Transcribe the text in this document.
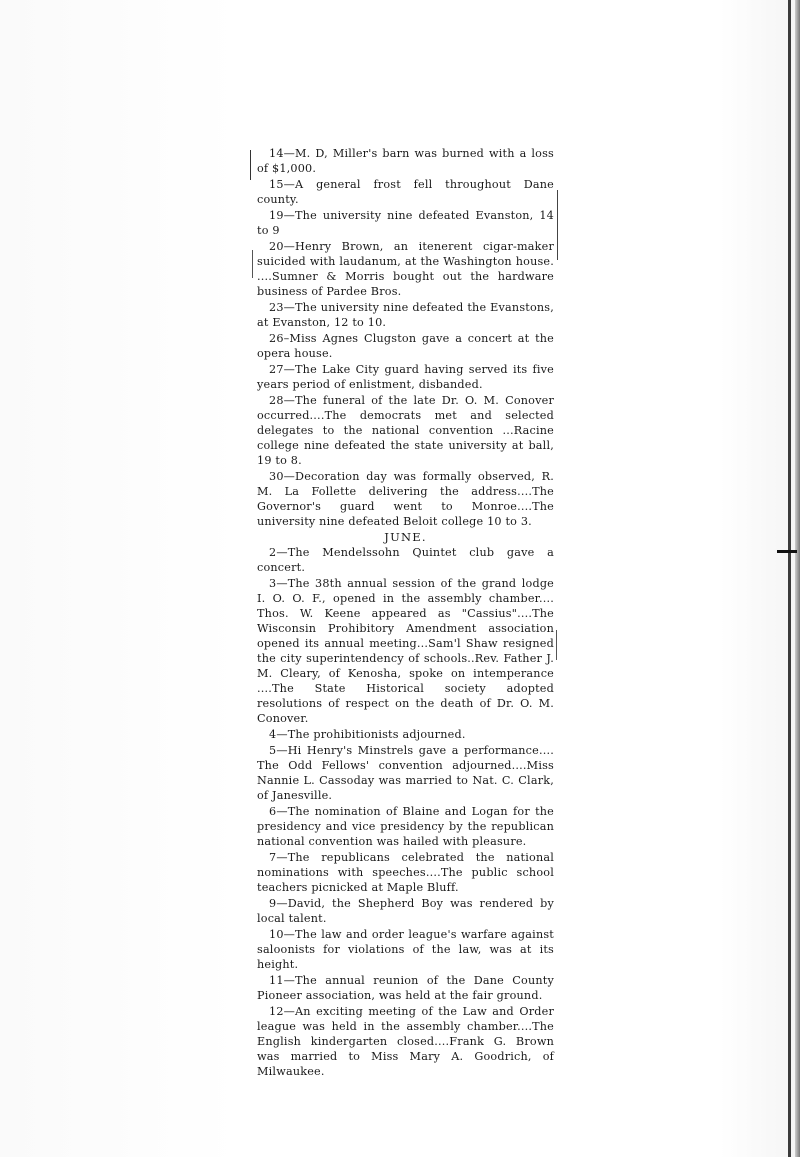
14—M. D, Miller's barn was burned with a loss of $1,000.

15—A general frost fell throughout Dane county.

19—The university nine defeated Evanston, 14 to 9

20—Henry Brown, an itenerent cigar-maker suicided with laudanum, at the Washington house. ....Sumner & Morris bought out the hardware business of Pardee Bros.

23—The university nine defeated the Evanstons, at Evanston, 12 to 10.

26–Miss Agnes Clugston gave a concert at the opera house.

27—The Lake City guard having served its five years period of enlistment, disbanded.

28—The funeral of the late Dr. O. M. Conover occurred....The democrats met and selected delegates to the national convention ...Racine college nine defeated the state university at ball, 19 to 8.

30—Decoration day was formally observed, R. M. La Follette delivering the address....The Governor's guard went to Monroe....The university nine defeated Beloit college 10 to 3.

JUNE.

2—The Mendelssohn Quintet club gave a concert.

3—The 38th annual session of the grand lodge I. O. O. F., opened in the assembly chamber.... Thos. W. Keene appeared as "Cassius"....The Wisconsin Prohibitory Amendment association opened its annual meeting...Sam'l Shaw resigned the city superintendency of schools..Rev. Father J. M. Cleary, of Kenosha, spoke on intemperance ....The State Historical society adopted resolutions of respect on the death of Dr. O. M. Conover.

4—The prohibitionists adjourned.

5—Hi Henry's Minstrels gave a performance.... The Odd Fellows' convention adjourned....Miss Nannie L. Cassoday was married to Nat. C. Clark, of Janesville.

6—The nomination of Blaine and Logan for the presidency and vice presidency by the republican national convention was hailed with pleasure.

7—The republicans celebrated the national nominations with speeches....The public school teachers picnicked at Maple Bluff.

9—David, the Shepherd Boy was rendered by local talent.

10—The law and order league's warfare against saloonists for violations of the law, was at its height.

11—The annual reunion of the Dane County Pioneer association, was held at the fair ground.

12—An exciting meeting of the Law and Order league was held in the assembly chamber....The English kindergarten closed....Frank G. Brown was married to Miss Mary A. Goodrich, of Milwaukee.
